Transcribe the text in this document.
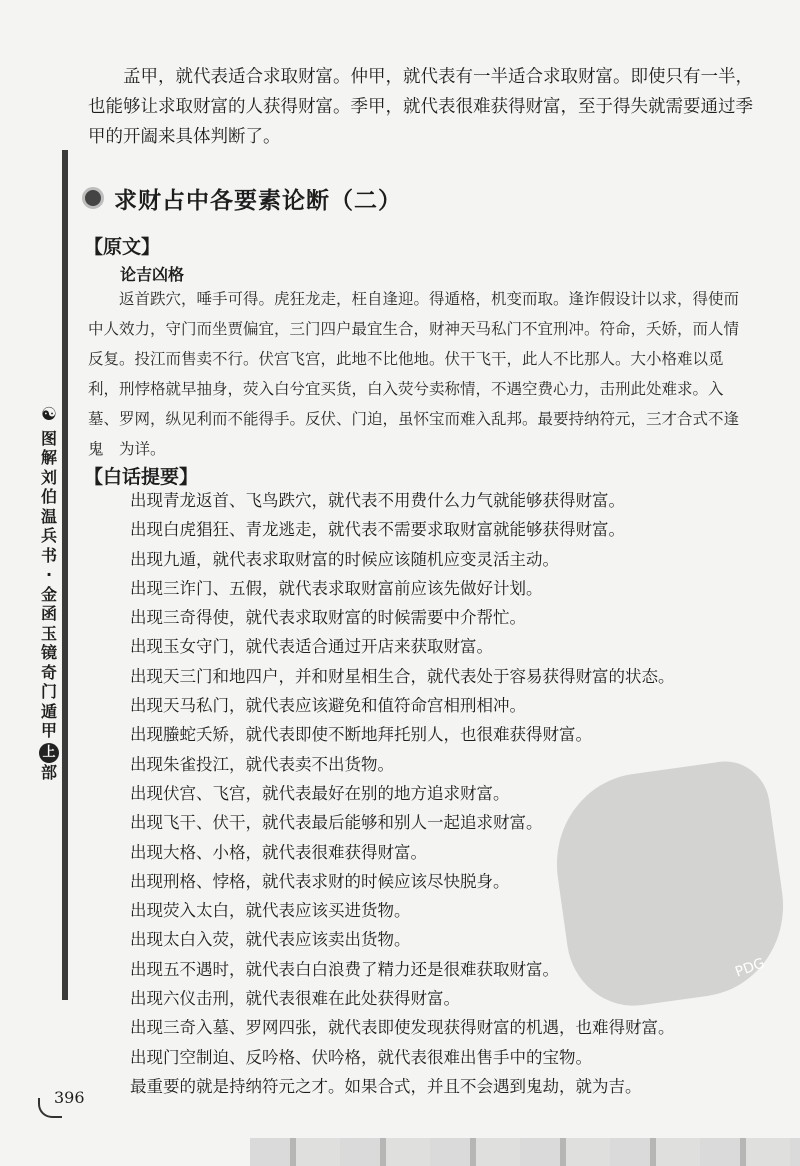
☯
图
解
刘
伯
温
兵
书
·
金
函
玉
镜
奇
门
遁
甲
上
部
孟甲，就代表适合求取财富。仲甲，就代表有一半适合求取财富。即使只有一半，也能够让求取财富的人获得财富。季甲，就代表很难获得财富，至于得失就需要通过季甲的开阖来具体判断了。
求财占中各要素论断（二）
【原文】
论吉凶格
返首跌穴，唾手可得。虎狂龙走，枉自逢迎。得遁格，机变而取。逢诈假设计以求，得使而中人效力，守门而坐贾偏宜，三门四户最宜生合，财神天马私门不宜刑冲。符命，夭娇，而人情反复。投江而售卖不行。伏宫飞宫，此地不比他地。伏干飞干，此人不比那人。大小格难以觅利，刑悖格就早抽身，荧入白兮宜买货，白入荧兮卖称情，不遇空费心力，击刑此处难求。入墓、罗网，纵见利而不能得手。反伏、门迫，虽怀宝而难入乱邦。最要持纳符元，三才合式不逢鬼　为详。
【白话提要】
出现青龙返首、飞鸟跌穴，就代表不用费什么力气就能够获得财富。
出现白虎猖狂、青龙逃走，就代表不需要求取财富就能够获得财富。
出现九遁，就代表求取财富的时候应该随机应变灵活主动。
出现三诈门、五假，就代表求取财富前应该先做好计划。
出现三奇得使，就代表求取财富的时候需要中介帮忙。
出现玉女守门，就代表适合通过开店来获取财富。
出现天三门和地四户，并和财星相生合，就代表处于容易获得财富的状态。
出现天马私门，就代表应该避免和值符命宫相刑相冲。
出现螣蛇夭矫，就代表即使不断地拜托别人，也很难获得财富。
出现朱雀投江，就代表卖不出货物。
出现伏宫、飞宫，就代表最好在别的地方追求财富。
出现飞干、伏干，就代表最后能够和别人一起追求财富。
出现大格、小格，就代表很难获得财富。
出现刑格、悖格，就代表求财的时候应该尽快脱身。
出现荧入太白，就代表应该买进货物。
出现太白入荧，就代表应该卖出货物。
出现五不遇时，就代表白白浪费了精力还是很难获取财富。
出现六仪击刑，就代表很难在此处获得财富。
出现三奇入墓、罗网四张，就代表即使发现获得财富的机遇，也难得财富。
出现门空制迫、反吟格、伏吟格，就代表很难出售手中的宝物。
最重要的就是持纳符元之才。如果合式，并且不会遇到鬼劫，就为吉。
PDG
396
